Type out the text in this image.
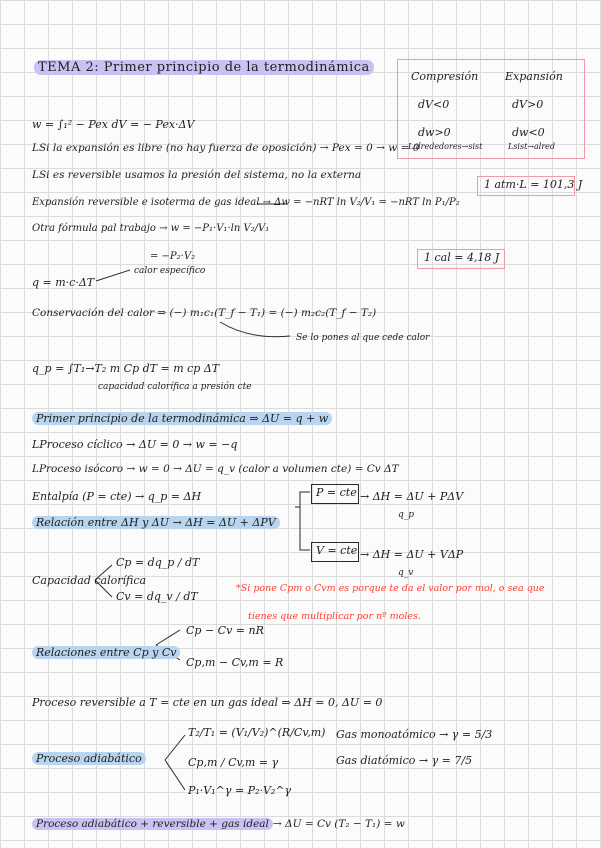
TEMA 2: Primer principio de la termodinámica
Compresión Expansión
dV<0	dV>0
dw>0	dw<0
Lalrededores→sist	Lsist→alred
1 atm·L = 101,3 J
1 cal = 4,18 J
w = ∫₁² − Pex dV = − Pex·ΔV
LSi la expansión es libre (no hay fuerza de oposición) → Pex = 0 → w = 0
LSi es reversible usamos la presión del sistema, no la externa
Expansión reversible e isoterma de gas ideal → Δw = −nRT ln V₂/V₁ = −nRT ln P₁/P₂
Otra fórmula pal trabajo → w = −P₁·V₁·ln V₂/V₁
= −P₂·V₂
q = m·c·ΔT
calor específico
Conservación del calor ⇒ (−) m₁c₁(T_f − T₁) = (−) m₂c₂(T_f − T₂)
Se lo pones al que cede calor
q_p = ∫T₁→T₂ m Cp dT = m cp ΔT
capacidad calorífica a presión cte
Primer principio de la termodinámica ⇒ ΔU = q + w
LProceso cíclico → ΔU = 0 → w = −q
LProceso isócoro → w = 0 → ΔU = q_v (calor a volumen cte) = Cv ΔT
Entalpía (P = cte) → q_p = ΔH
Relación entre ΔH y ΔU → ΔH = ΔU + ΔPV
P = cte → ΔH = ΔU + PΔV
q_p
V = cte → ΔH = ΔU + VΔP
q_v
Capacidad calorífica
Cp = dq_p / dT
Cv = dq_v / dT
*Si pone Cpm o Cvm es porque te da el valor por mol, o sea que
tienes que multiplicar por nº moles.
Relaciones entre Cp y Cv
Cp − Cv = nR
Cp,m − Cv,m = R
Proceso reversible a T = cte en un gas ideal ⇒ ΔH = 0, ΔU = 0
Proceso adiabático
T₂/T₁ = (V₁/V₂)^(R/Cv,m)
Cp,m / Cv,m = γ
P₁·V₁^γ = P₂·V₂^γ
Gas monoatómico → γ = 5/3
Gas diatómico → γ = 7/5
Proceso adiabático + reversible + gas ideal → ΔU = Cv (T₂ − T₁) = w
